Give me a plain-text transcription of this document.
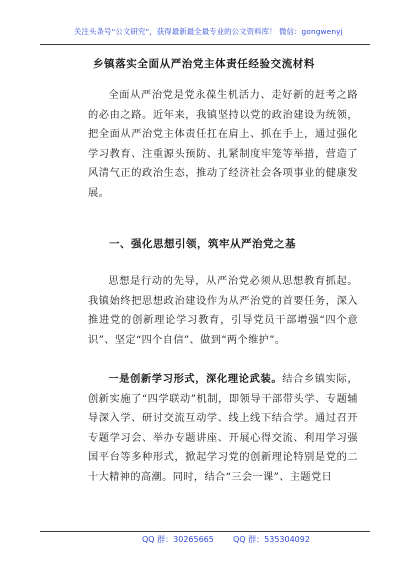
关注头条号“公文研究”，获得最新最全最专业的公文资料库！ 微信：gongwenyj
乡镇落实全面从严治党主体责任经验交流材料

全面从严治党是党永葆生机活力、走好新的赶考之路的必由之路。近年来，我镇坚持以党的政治建设为统领，把全面从严治党主体责任扛在肩上、抓在手上，通过强化学习教育、注重源头预防、扎紧制度牢笼等举措，营造了风清气正的政治生态，推动了经济社会各项事业的健康发展。

一、强化思想引领，筑牢从严治党之基

思想是行动的先导，从严治党必须从思想教育抓起。我镇始终把思想政治建设作为从严治党的首要任务，深入推进党的创新理论学习教育，引导党员干部增强“四个意识”、坚定“四个自信”、做到“两个维护”。

一是创新学习形式，深化理论武装。结合乡镇实际，创新实施了“四学联动”机制，即领导干部带头学、专题辅导深入学、研讨交流互动学、线上线下结合学。通过召开专题学习会、举办专题讲座、开展心得交流、利用学习强国平台等多种形式，掀起学习党的创新理论特别是党的二十大精神的高潮。同时，结合“三会一课”、主题党日

QQ 群：30265665 QQ 群：535304092
